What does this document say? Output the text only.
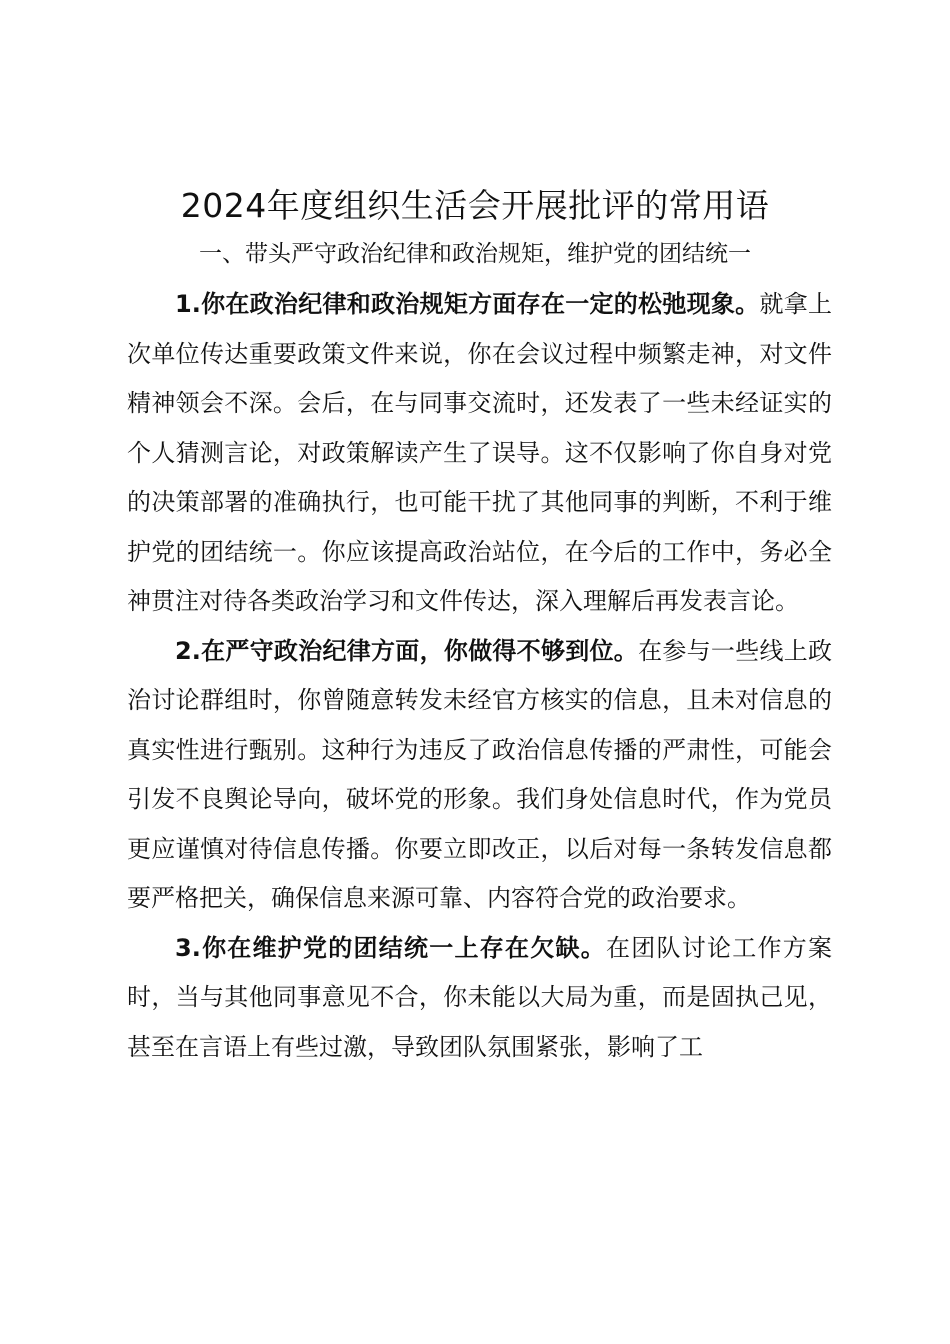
2024年度组织生活会开展批评的常用语
一、带头严守政治纪律和政治规矩，维护党的团结统一

1.你在政治纪律和政治规矩方面存在一定的松弛现象。就拿上次单位传达重要政策文件来说，你在会议过程中频繁走神，对文件精神领会不深。会后，在与同事交流时，还发表了一些未经证实的个人猜测言论，对政策解读产生了误导。这不仅影响了你自身对党的决策部署的准确执行，也可能干扰了其他同事的判断，不利于维护党的团结统一。你应该提高政治站位，在今后的工作中，务必全神贯注对待各类政治学习和文件传达，深入理解后再发表言论。

2.在严守政治纪律方面，你做得不够到位。在参与一些线上政治讨论群组时，你曾随意转发未经官方核实的信息，且未对信息的真实性进行甄别。这种行为违反了政治信息传播的严肃性，可能会引发不良舆论导向，破坏党的形象。我们身处信息时代，作为党员更应谨慎对待信息传播。你要立即改正，以后对每一条转发信息都要严格把关，确保信息来源可靠、内容符合党的政治要求。

3.你在维护党的团结统一上存在欠缺。在团队讨论工作方案时，当与其他同事意见不合，你未能以大局为重，而是固执己见，甚至在言语上有些过激，导致团队氛围紧张，影响了工
